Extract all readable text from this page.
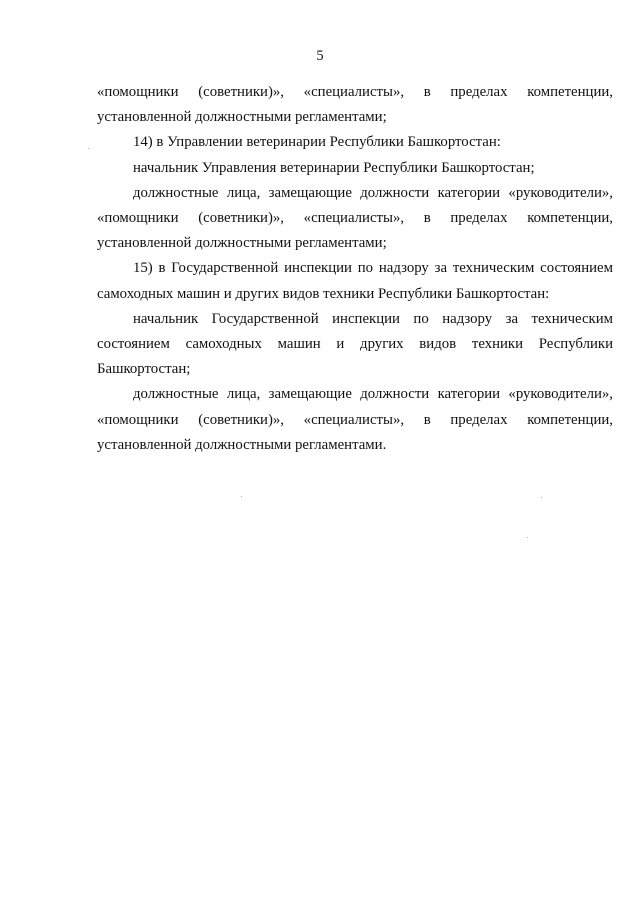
5

«помощники (советники)», «специалисты», в пределах компетенции, установленной должностными регламентами;

14) в Управлении ветеринарии Республики Башкортостан:

начальник Управления ветеринарии Республики Башкортостан;

должностные лица, замещающие должности категории «руководители», «помощники (советники)», «специалисты», в пределах компетенции, установленной должностными регламентами;

15) в Государственной инспекции по надзору за техническим состоянием самоходных машин и других видов техники Республики Башкортостан:

начальник Государственной инспекции по надзору за техническим состоянием самоходных машин и других видов техники Республики Башкортостан;

должностные лица, замещающие должности категории «руководители», «помощники (советники)», «специалисты», в пределах компетенции, установленной должностными регламентами.
